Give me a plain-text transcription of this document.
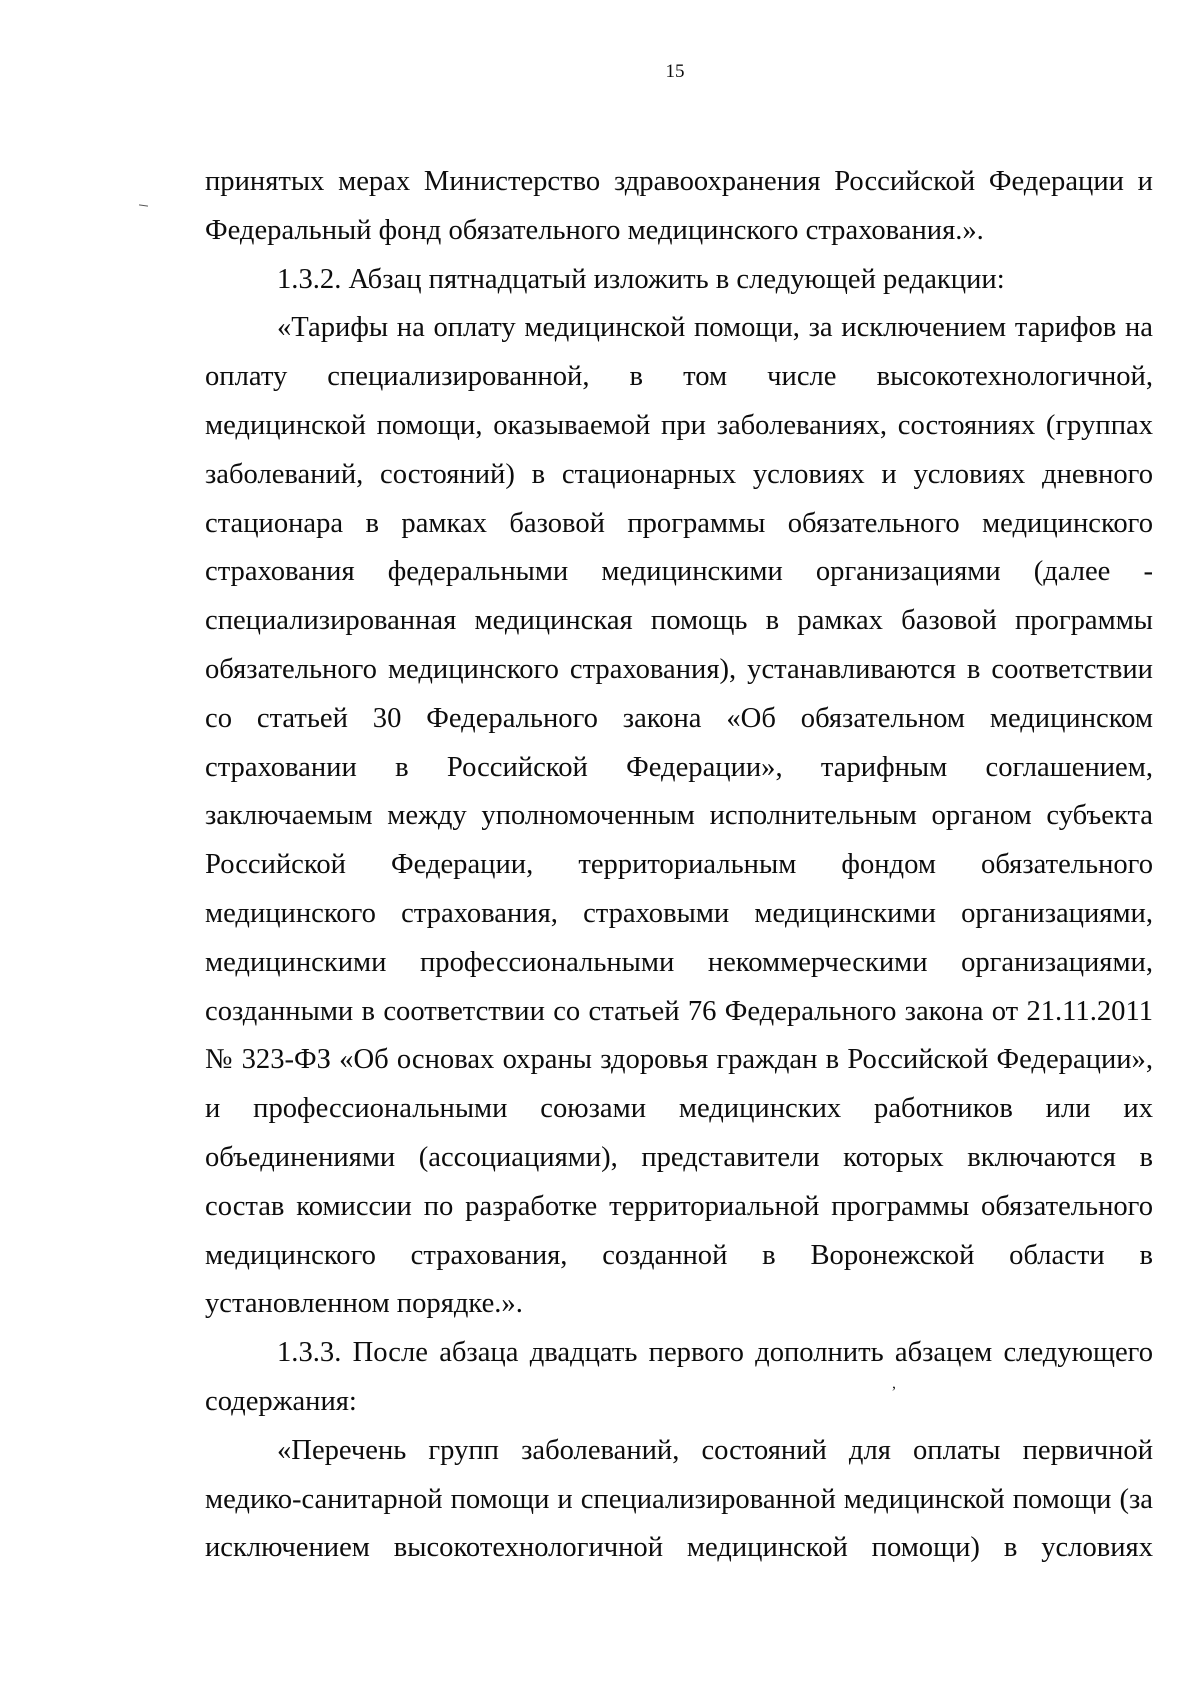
15
принятых мерах Министерство здравоохранения Российской Федерации и
Федеральный фонд обязательного медицинского страхования.».
1.3.2. Абзац пятнадцатый изложить в следующей редакции:
«Тарифы на оплату медицинской помощи, за исключением тарифов на
оплату специализированной, в том числе высокотехнологичной,
медицинской помощи, оказываемой при заболеваниях, состояниях (группах
заболеваний, состояний) в стационарных условиях и условиях дневного
стационара в рамках базовой программы обязательного медицинского
страхования федеральными медицинскими организациями (далее -
специализированная медицинская помощь в рамках базовой программы
обязательного медицинского страхования), устанавливаются в соответствии
со статьей 30 Федерального закона «Об обязательном медицинском
страховании в Российской Федерации», тарифным соглашением,
заключаемым между уполномоченным исполнительным органом субъекта
Российской Федерации, территориальным фондом обязательного
медицинского страхования, страховыми медицинскими организациями,
медицинскими профессиональными некоммерческими организациями,
созданными в соответствии со статьей 76 Федерального закона от 21.11.2011
№ 323-ФЗ «Об основах охраны здоровья граждан в Российской Федерации»,
и профессиональными союзами медицинских работников или их
объединениями (ассоциациями), представители которых включаются в
состав комиссии по разработке территориальной программы обязательного
медицинского страхования, созданной в Воронежской области в
установленном порядке.».
1.3.3. После абзаца двадцать первого дополнить абзацем следующего
содержания:
«Перечень групп заболеваний, состояний для оплаты первичной
медико-санитарной помощи и специализированной медицинской помощи (за
исключением высокотехнологичной медицинской помощи) в условиях
,
